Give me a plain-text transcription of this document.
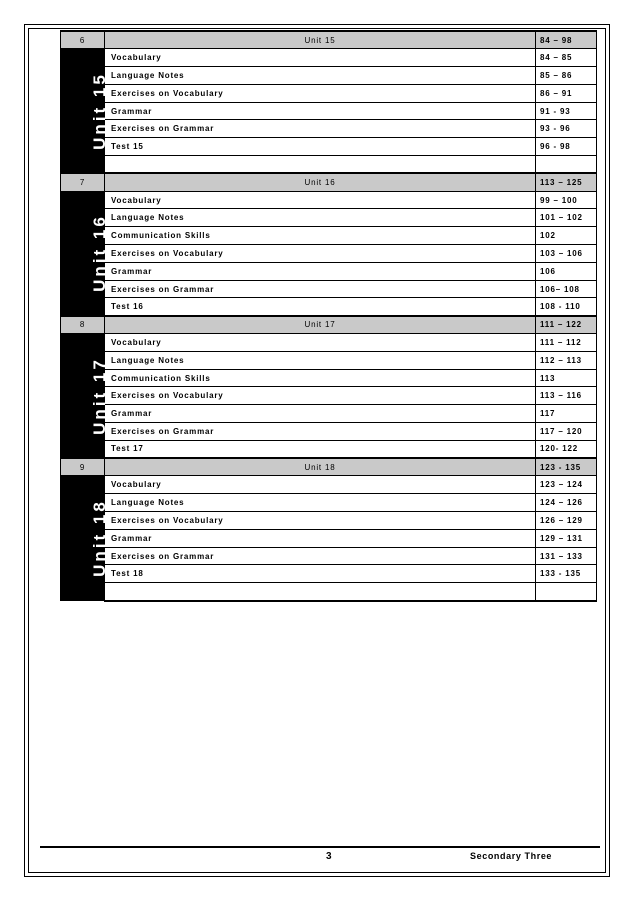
6	Unit 15	84 – 98
Unit 15	Vocabulary	84 – 85
	Language Notes	85 – 86
	Exercises on Vocabulary	86 – 91
	Grammar	91 - 93
	Exercises on Grammar	93 - 96
	Test 15	96 - 98

7	Unit 16	113 – 125
Unit 16	Vocabulary	99 – 100
	Language Notes	101 – 102
	Communication Skills	102
	Exercises on Vocabulary	103 – 106
	Grammar	106
	Exercises on Grammar	106– 108
	Test 16	108 - 110
8	Unit 17	111 – 122
Unit 17	Vocabulary	111 – 112
	Language Notes	112 – 113
	Communication Skills	113
	Exercises on Vocabulary	113 – 116
	Grammar	117
	Exercises on Grammar	117 – 120
	Test 17	120- 122
9	Unit 18	123 - 135
Unit 18	Vocabulary	123 – 124
	Language Notes	124 – 126
	Exercises on Vocabulary	126 – 129
	Grammar	129 – 131
	Exercises on Grammar	131 – 133
	Test 18	133 - 135

3	Secondary Three
